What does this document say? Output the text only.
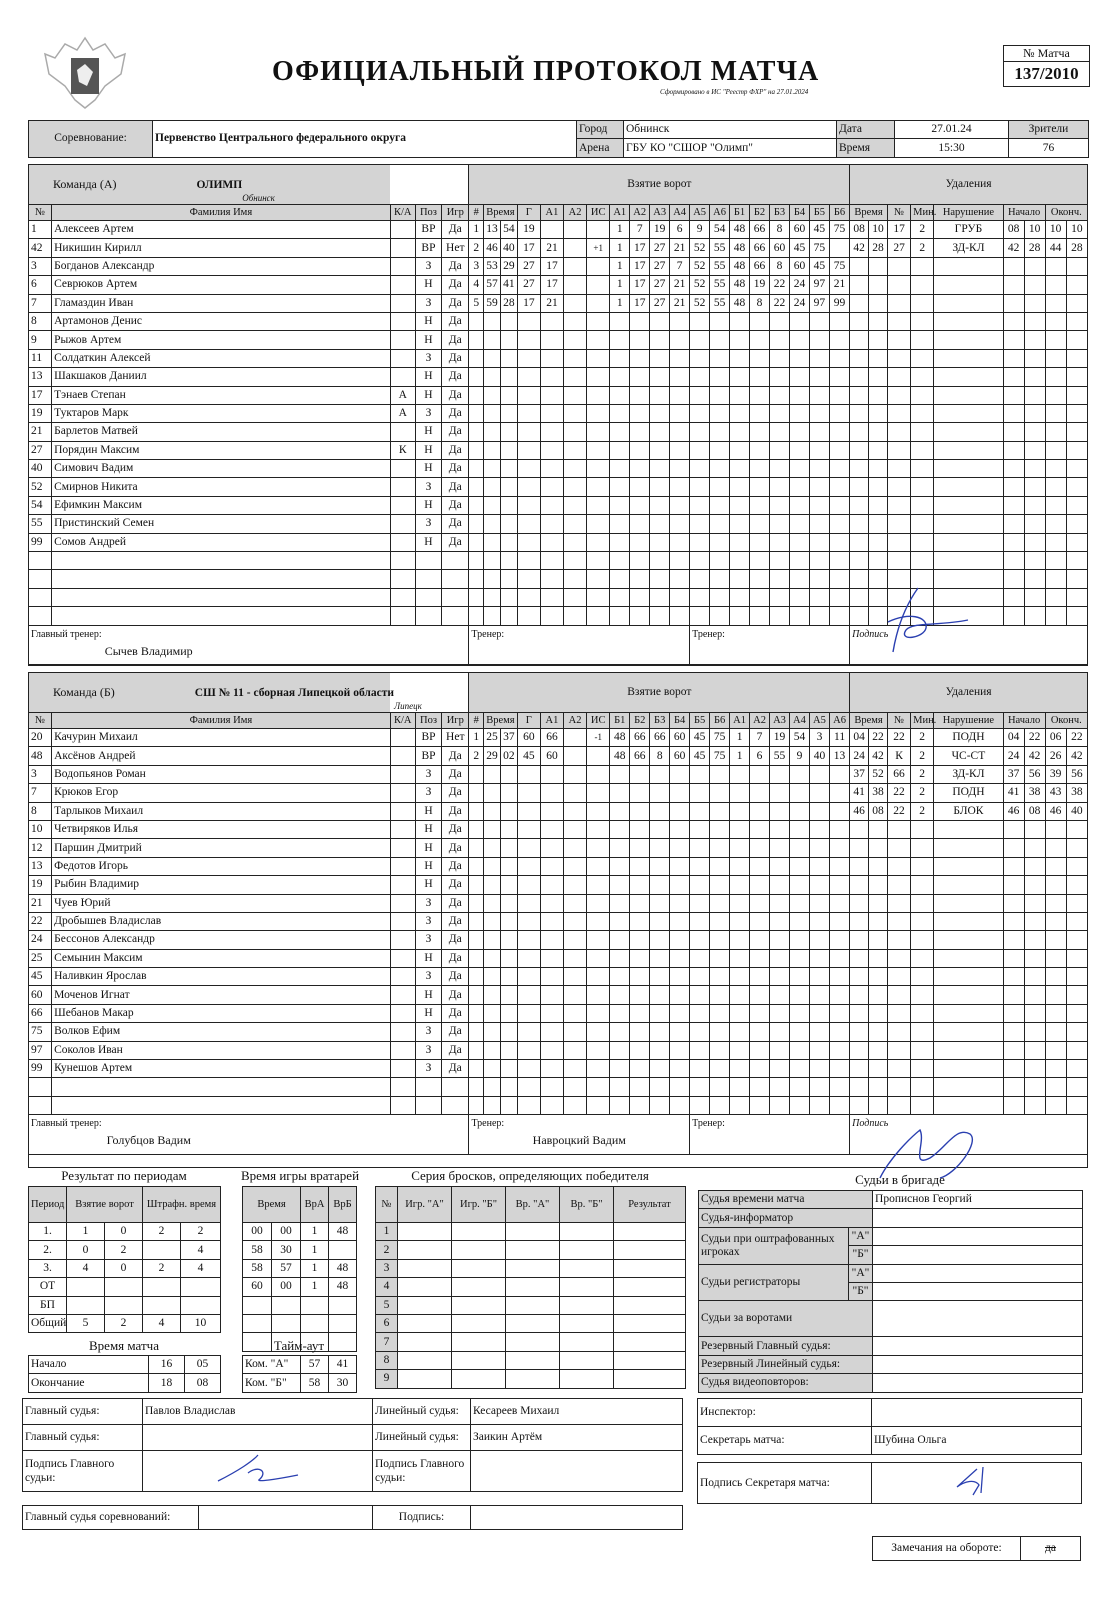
ОФИЦИАЛЬНЫЙ ПРОТОКОЛ МАТЧА
Сформировано в ИС "Реестр ФХР" на 27.01.2024
№ Матча
137/2010
Соревнование:	Первенство Центрального федерального округа	Город	Обнинск	Дата	27.01.24	Зрители
		Арена	ГБУ КО "СШОР "Олимп"	Время	15:30	76
Команда (А) ОЛИМП
Обнинск					Взятие ворот																			Удаления								
№	Фамилия Имя	К/А	Поз	Игр	#	Время		Г	А1	А2	ИС	А1	А2	А3	А4	А5	А6	Б1	Б2	Б3	Б4	Б5	Б6	Время		№	Мин.	Нарушение	Начало		Оконч.	
1	Алексеев Артем		ВР	Да	1	13	54	19				1	7	19	6	9	54	48	66	8	60	45	75	08	10	17	2	ГРУБ	08	10	10	10
42	Никишин Кирилл		ВР	Нет	2	46	40	17	21		+1	1	17	27	21	52	55	48	66	60	45	75		42	28	27	2	ЗД-КЛ	42	28	44	28
3	Богданов Александр		З	Да	3	53	29	27	17			1	17	27	7	52	55	48	66	8	60	45	75									
6	Севрюков Артем		Н	Да	4	57	41	27	17			1	17	27	21	52	55	48	19	22	24	97	21									
7	Гламаздин Иван		З	Да	5	59	28	17	21			1	17	27	21	52	55	48	8	22	24	97	99									
8	Артамонов Денис		Н	Да																												
9	Рыжов Артем		Н	Да																												
11	Солдаткин Алексей		З	Да																												
13	Шакшаков Даниил		Н	Да																												
17	Тэнаев Степан	А	Н	Да																												
19	Туктаров Марк	А	З	Да																												
21	Барлетов Матвей		Н	Да																												
27	Порядин Максим	К	Н	Да																												
40	Симович Вадим		Н	Да																												
52	Смирнов Никита		З	Да																												
54	Ефимкин Максим		Н	Да																												
55	Пристинский Семен		З	Да																												
99	Сомов Андрей		Н	Да																												

Главный тренер:
Сычев Владимир					Тренер:											Тренер:								Подпись								
Команда (Б) СШ № 11 - сборная Липецкой области
Липецк					Взятие ворот																			Удаления								
№	Фамилия Имя	К/А	Поз	Игр	#	Время		Г	А1	А2	ИС	Б1	Б2	Б3	Б4	Б5	Б6	А1	А2	А3	А4	А5	А6	Время		№	Мин.	Нарушение	Начало		Оконч.	
20	Качурин Михаил		ВР	Нет	1	25	37	60	66		-1	48	66	66	60	45	75	1	7	19	54	3	11	04	22	22	2	ПОДН	04	22	06	22
48	Аксёнов Андрей		ВР	Да	2	29	02	45	60			48	66	8	60	45	75	1	6	55	9	40	13	24	42	К	2	ЧС-СТ	24	42	26	42
3	Водопьянов Роман		З	Да																				37	52	66	2	ЗД-КЛ	37	56	39	56
7	Крюков Егор		З	Да																				41	38	22	2	ПОДН	41	38	43	38
8	Тарлыков Михаил		Н	Да																				46	08	22	2	БЛОК	46	08	46	40
10	Четвиряков Илья		Н	Да																												
12	Паршин Дмитрий		Н	Да																												
13	Федотов Игорь		Н	Да																												
19	Рыбин Владимир		Н	Да																												
21	Чуев Юрий		З	Да																												
22	Дробышев Владислав		З	Да																												
24	Бессонов Александр		З	Да																												
25	Семынин Максим		Н	Да																												
45	Наливкин Ярослав		З	Да																												
60	Моченов Игнат		Н	Да																												
66	Шебанов Макар		Н	Да																												
75	Волков Ефим		З	Да																												
97	Соколов Иван		З	Да																												
99	Кунешов Артем		З	Да																												

Главный тренер:
Голубцов Вадим					Тренер:
Навроцкий Вадим											Тренер:								Подпись								
Результат по периодам
Период	Взятие ворот		Штрафн. время	
1.	1	0	2	2
2.	0	2		4
3.	4	0	2	4
ОТ				
БП				
Общий	5	2	4	10
Время матча
Начало	16	05
Окончание	18	08
Время игры вратарей
Время		ВрА	ВрБ
00	00	1	48
58	30	1	
58	57	1	48
60	00	1	48

Тайм-аут
Ком. "А"	57	41
Ком. "Б"	58	30
Серия бросков, определяющих победителя
№	Игр. "А"	Игр. "Б"	Вр. "А"	Вр. "Б"	Результат
1					
2					
3					
4					
5					
6					
7					
8					
9					
Судьи в бригаде
Судья времени матча		Прописнов Георгий
Судья-информатор		
Судьи при оштрафованных игроках	"А"	
	"Б"	
Судьи регистраторы	"А"	
	"Б"	
Судьи за воротами		
Резервный Главный судья:		
Резервный Линейный судья:		
Судья видеоповторов:		
Главный судья:	Павлов Владислав	Линейный судья:	Кесареев Михаил
Главный судья:		Линейный судья:	Заикин Артём
Подпись Главного судьи:		Подпись Главного судьи:	
Главный судья соревнований:		Подпись:	
Инспектор:	
Секретарь матча:	Шубина Ольга
Подпись Секретаря матча:	
Замечания на обороте:	да
